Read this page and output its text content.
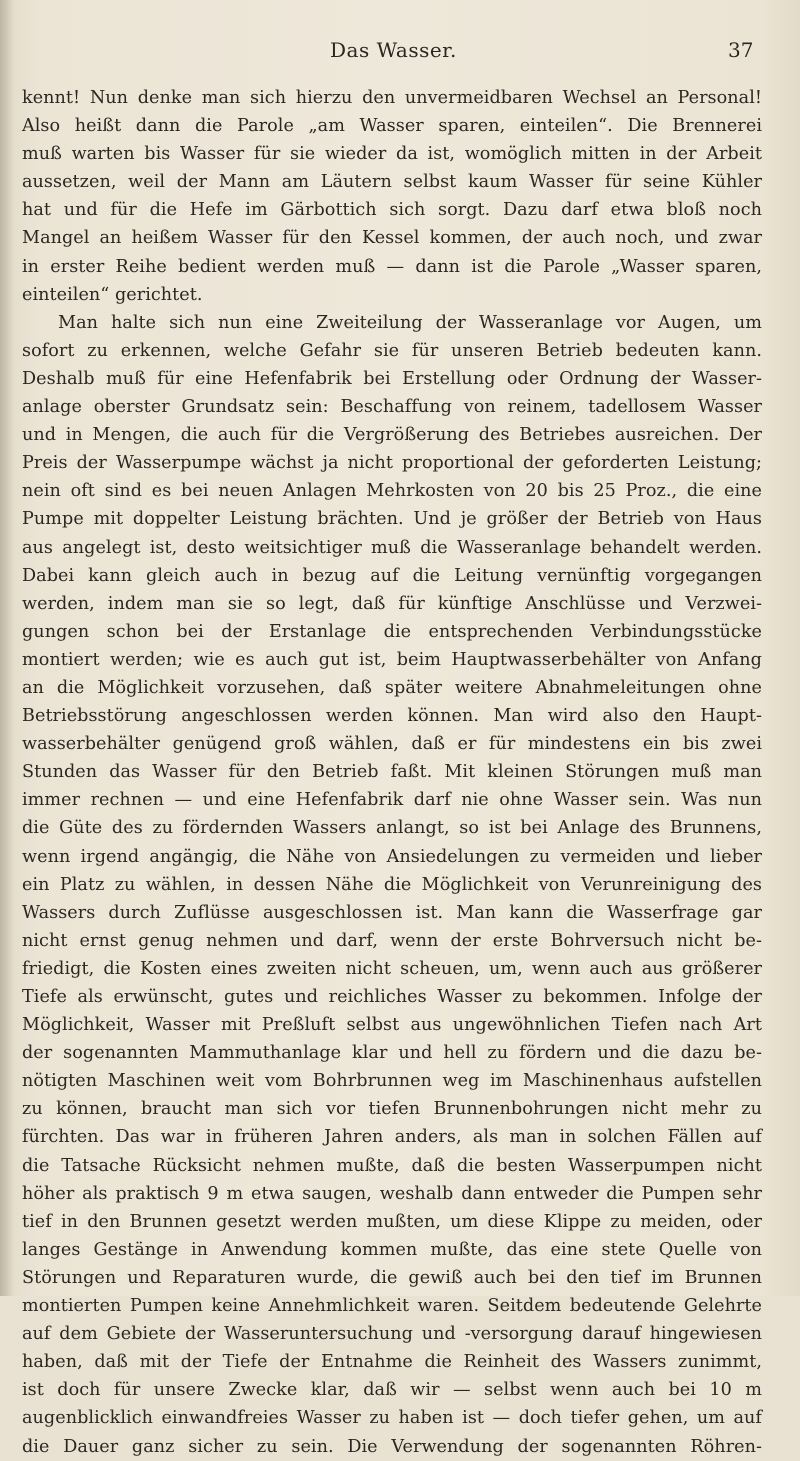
Das Wasser.	37
kennt! Nun denke man sich hierzu den unvermeidbaren Wechsel an Personal!
Also heißt dann die Parole „am Wasser sparen, einteilen“. Die Brennerei
muß warten bis Wasser für sie wieder da ist, womöglich mitten in der Arbeit
aussetzen, weil der Mann am Läutern selbst kaum Wasser für seine Kühler
hat und für die Hefe im Gärbottich sich sorgt. Dazu darf etwa bloß noch
Mangel an heißem Wasser für den Kessel kommen, der auch noch, und zwar
in erster Reihe bedient werden muß — dann ist die Parole „Wasser sparen,
einteilen“ gerichtet.
Man halte sich nun eine Zweiteilung der Wasseranlage vor Augen, um
sofort zu erkennen, welche Gefahr sie für unseren Betrieb bedeuten kann.
Deshalb muß für eine Hefenfabrik bei Erstellung oder Ordnung der Wasser-
anlage oberster Grundsatz sein: Beschaffung von reinem, tadellosem Wasser
und in Mengen, die auch für die Vergrößerung des Betriebes ausreichen. Der
Preis der Wasserpumpe wächst ja nicht proportional der geforderten Leistung;
nein oft sind es bei neuen Anlagen Mehrkosten von 20 bis 25 Proz., die eine
Pumpe mit doppelter Leistung brächten. Und je größer der Betrieb von Haus
aus angelegt ist, desto weitsichtiger muß die Wasseranlage behandelt werden.
Dabei kann gleich auch in bezug auf die Leitung vernünftig vorgegangen
werden, indem man sie so legt, daß für künftige Anschlüsse und Verzwei-
gungen schon bei der Erstanlage die entsprechenden Verbindungsstücke
montiert werden; wie es auch gut ist, beim Hauptwasserbehälter von Anfang
an die Möglichkeit vorzusehen, daß später weitere Abnahmeleitungen ohne
Betriebsstörung angeschlossen werden können. Man wird also den Haupt-
wasserbehälter genügend groß wählen, daß er für mindestens ein bis zwei
Stunden das Wasser für den Betrieb faßt. Mit kleinen Störungen muß man
immer rechnen — und eine Hefenfabrik darf nie ohne Wasser sein. Was nun
die Güte des zu fördernden Wassers anlangt, so ist bei Anlage des Brunnens,
wenn irgend angängig, die Nähe von Ansiedelungen zu vermeiden und lieber
ein Platz zu wählen, in dessen Nähe die Möglichkeit von Verunreinigung des
Wassers durch Zuflüsse ausgeschlossen ist. Man kann die Wasserfrage gar
nicht ernst genug nehmen und darf, wenn der erste Bohrversuch nicht be-
friedigt, die Kosten eines zweiten nicht scheuen, um, wenn auch aus größerer
Tiefe als erwünscht, gutes und reichliches Wasser zu bekommen. Infolge der
Möglichkeit, Wasser mit Preßluft selbst aus ungewöhnlichen Tiefen nach Art
der sogenannten Mammuthanlage klar und hell zu fördern und die dazu be-
nötigten Maschinen weit vom Bohrbrunnen weg im Maschinenhaus aufstellen
zu können, braucht man sich vor tiefen Brunnenbohrungen nicht mehr zu
fürchten. Das war in früheren Jahren anders, als man in solchen Fällen auf
die Tatsache Rücksicht nehmen mußte, daß die besten Wasserpumpen nicht
höher als praktisch 9 m etwa saugen, weshalb dann entweder die Pumpen sehr
tief in den Brunnen gesetzt werden mußten, um diese Klippe zu meiden, oder
langes Gestänge in Anwendung kommen mußte, das eine stete Quelle von
Störungen und Reparaturen wurde, die gewiß auch bei den tief im Brunnen
montierten Pumpen keine Annehmlichkeit waren. Seitdem bedeutende Gelehrte
auf dem Gebiete der Wasseruntersuchung und -versorgung darauf hingewiesen
haben, daß mit der Tiefe der Entnahme die Reinheit des Wassers zunimmt,
ist doch für unsere Zwecke klar, daß wir — selbst wenn auch bei 10 m
augenblicklich einwandfreies Wasser zu haben ist — doch tiefer gehen, um auf
die Dauer ganz sicher zu sein. Die Verwendung der sogenannten Röhren-
